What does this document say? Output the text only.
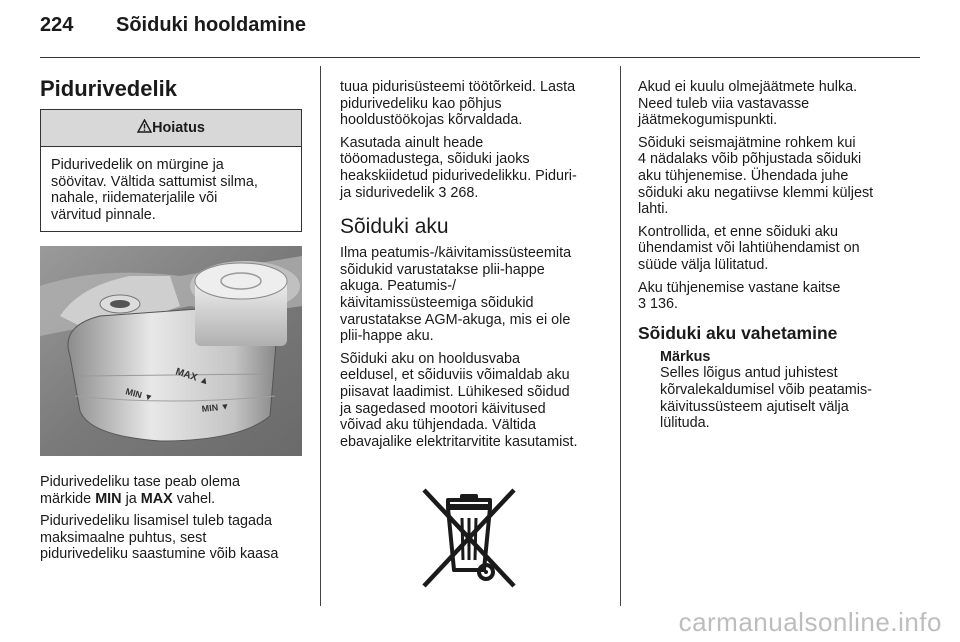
224 Sõiduki hooldamine
Pidurivedelik
Hoiatus
Pidurivedelik on mürgine ja
söövitav. Vältida sattumist silma,
nahale, riidematerjalile või
värvitud pinnale.
MAX ▲
MIN ▼
MIN ▼

Pidurivedeliku tase peab olema
märkide MIN ja MAX vahel.

Pidurivedeliku lisamisel tuleb tagada
maksimaalne puhtus, sest
pidurivedeliku saastumine võib kaasa

tuua pidurisüsteemi töötõrkeid. Lasta
pidurivedeliku kao põhjus
hooldustöökojas kõrvaldada.

Kasutada ainult heade
tööomadustega, sõiduki jaoks
heakskiidetud pidurivedelikku. Piduri-
ja sidurivedelik 3 268.

Sõiduki aku

Ilma peatumis-/käivitamissüsteemita
sõidukid varustatakse plii-happe
akuga. Peatumis-/
käivitamissüsteemiga sõidukid
varustatakse AGM-akuga, mis ei ole
plii-happe aku.

Sõiduki aku on hooldusvaba
eeldusel, et sõiduviis võimaldab aku
piisavat laadimist. Lühikesed sõidud
ja sagedased mootori käivitused
võivad aku tühjendada. Vältida
ebavajalike elektritarvitite kasutamist.

Akud ei kuulu olmejäätmete hulka.
Need tuleb viia vastavasse
jäätmekogumispunkti.

Sõiduki seismajätmine rohkem kui
4 nädalaks võib põhjustada sõiduki
aku tühjenemise. Ühendada juhe
sõiduki aku negatiivse klemmi küljest
lahti.

Kontrollida, et enne sõiduki aku
ühendamist või lahtiühendamist on
süüde välja lülitatud.

Aku tühjenemise vastane kaitse
3 136.

Sõiduki aku vahetamine
Märkus
Selles lõigus antud juhistest
kõrvalekaldumisel võib peatamis-
käivitussüsteem ajutiselt välja
lülituda.
carmanualsonline.info
